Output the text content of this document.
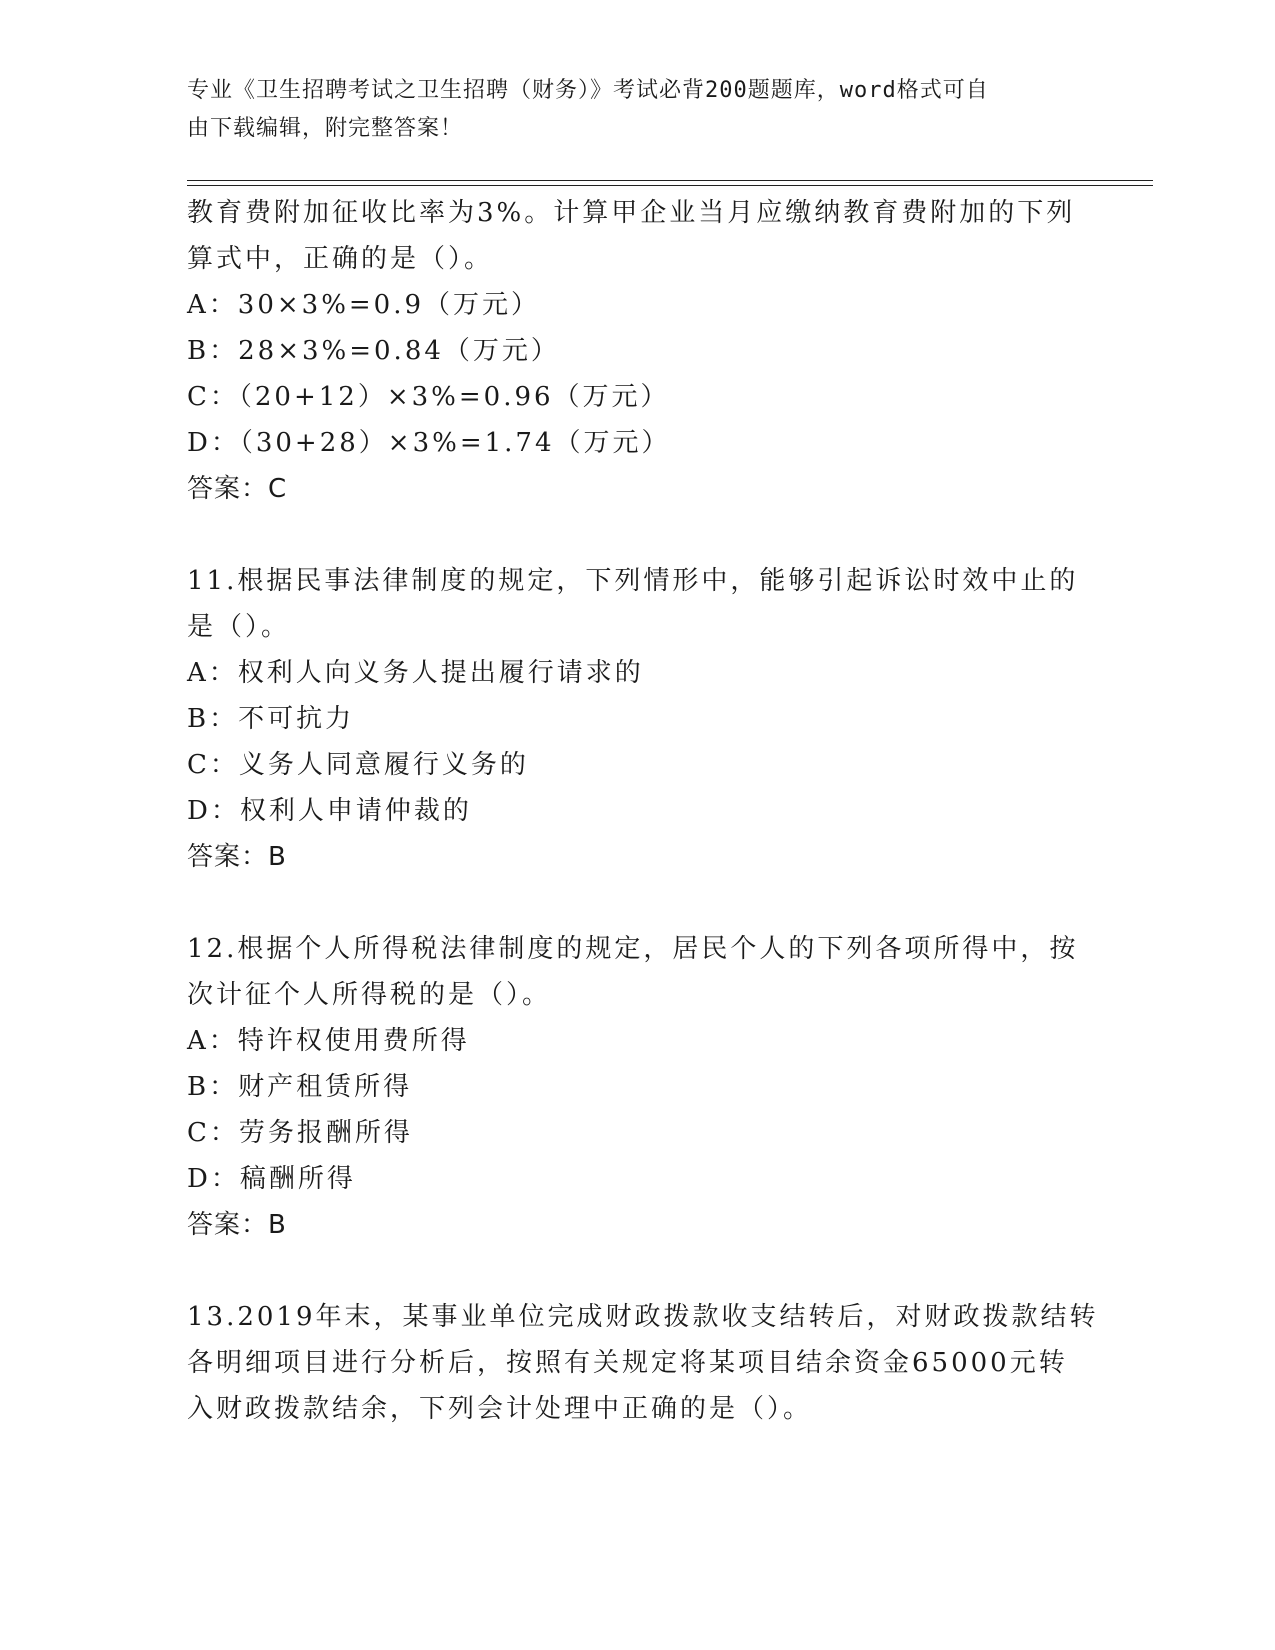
专业《卫生招聘考试之卫生招聘（财务）》考试必背200题题库，word格式可自
由下载编辑，附完整答案！
教育费附加征收比率为3%。计算甲企业当月应缴纳教育费附加的下列
算式中，正确的是（）。
A：30×3%=0.9（万元）
B：28×3%=0.84（万元）
C：（20+12）×3%=0.96（万元）
D：（30+28）×3%=1.74（万元）
答案：C
11.根据民事法律制度的规定，下列情形中，能够引起诉讼时效中止的
是（）。
A：权利人向义务人提出履行请求的
B：不可抗力
C：义务人同意履行义务的
D：权利人申请仲裁的
答案：B
12.根据个人所得税法律制度的规定，居民个人的下列各项所得中，按
次计征个人所得税的是（）。
A：特许权使用费所得
B：财产租赁所得
C：劳务报酬所得
D：稿酬所得
答案：B
13.2019年末，某事业单位完成财政拨款收支结转后，对财政拨款结转
各明细项目进行分析后，按照有关规定将某项目结余资金65000元转
入财政拨款结余，下列会计处理中正确的是（）。
